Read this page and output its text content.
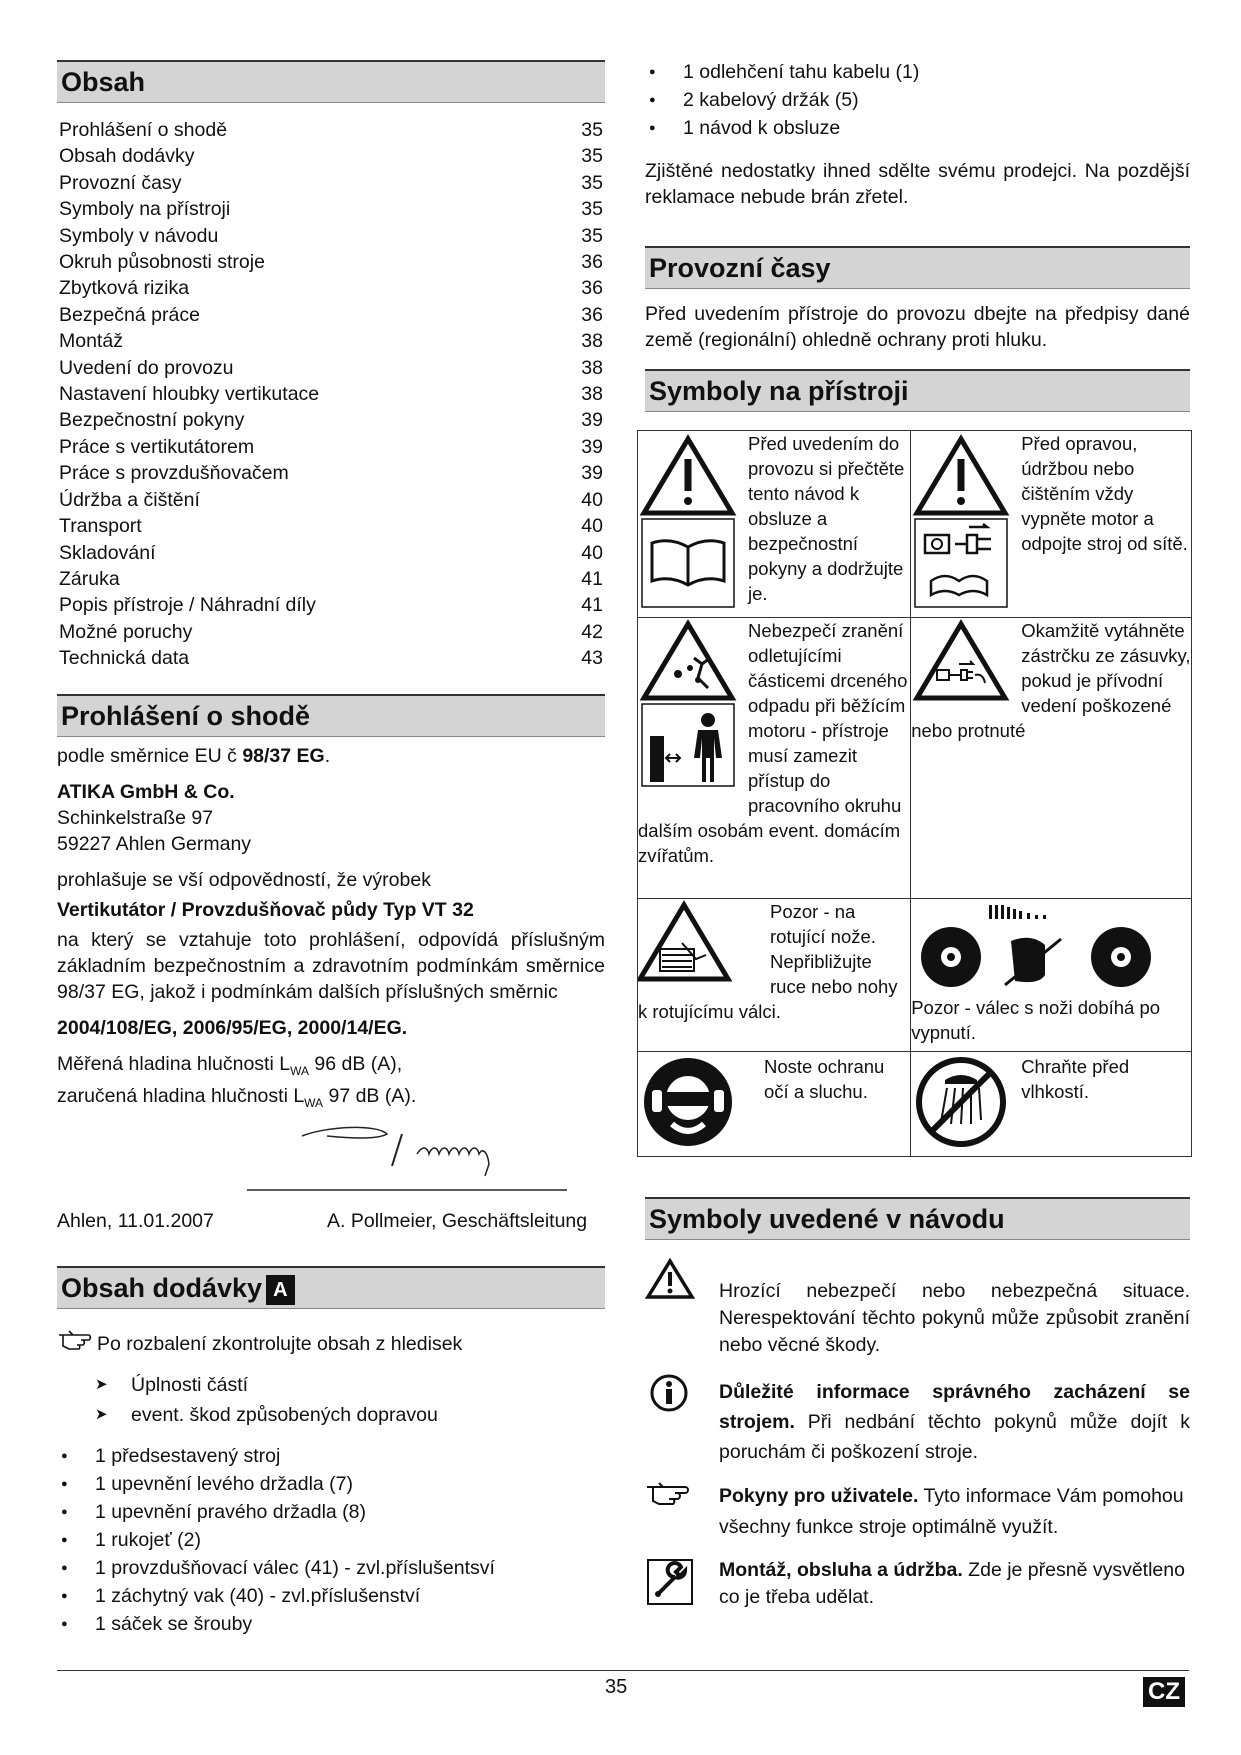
Obsah
Prohlášení o shodě	35
Obsah dodávky	35
Provozní časy	35
Symboly na přístroji	35
Symboly v návodu	35
Okruh působnosti stroje	36
Zbytková rizika	36
Bezpečná práce	36
Montáž	38
Uvedení do provozu	38
Nastavení hloubky vertikutace	38
Bezpečnostní pokyny	39
Práce s vertikutátorem	39
Práce s provzdušňovačem	39
Údržba a čištění	40
Transport	40
Skladování	40
Záruka	41
Popis přístroje / Náhradní díly	41
Možné poruchy	42
Technická data	43
Prohlášení o shodě
podle směrnice EU č 98/37 EG.
ATIKA GmbH & Co.
Schinkelstraße 97
59227 Ahlen Germany
prohlašuje se vší odpovědností, že výrobek
Vertikutátor / Provzdušňovač půdy Typ VT 32
na který se vztahuje toto prohlášení, odpovídá příslušným základním bezpečnostním a zdravotním podmínkám směrnice 98/37 EG, jakož i podmínkám dalších příslušných směrnic
2004/108/EG, 2006/95/EG, 2000/14/EG.
Měřená hladina hlučnosti $L_{WA}$ 96 dB (A),
zaručená hladina hlučnosti $L_{WA}$ 97 dB (A).
Ahlen, 11.01.2007	A. Pollmeier, Geschäftsleitung
Obsah dodávky A
Po rozbalení zkontrolujte obsah z hledisek
➤ Úplnosti částí
➤ event. škod způsobených dopravou
● 1 předsestavený stroj
● 1 upevnění levého držadla (7)
● 1 upevnění pravého držadla (8)
● 1 rukojeť (2)
● 1 provzdušňovací válec (41) - zvl.příslušentsví
● 1 záchytný vak (40) - zvl.příslušenství
● 1 sáček se šrouby
● 1 odlehčení tahu kabelu (1)
● 2 kabelový držák (5)
● 1 návod k obsluze
Zjištěné nedostatky ihned sdělte svému prodejci. Na pozdější reklamace nebude brán zřetel.
Provozní časy
Před uvedením přístroje do provozu dbejte na předpisy dané země (regionální) ohledně ochrany proti hluku.
Symboly na přístroji
Před uvedením do provozu si přečtěte tento návod k obsluze a bezpečnostní pokyny a dodržujte je.	Před opravou, údržbou nebo čištěním vždy vypněte motor a odpojte stroj od sítě.

Nebezpečí zranění odletujícími částicemi drceného odpadu při běžícím motoru - přístroje musí zamezit přístup do pracovního okruhu dalším osobám event. domácím zvířatům.	Okamžitě vytáhněte zástrčku ze zásuvky, pokud je přívodní vedení poškozené nebo protnuté

Pozor - na rotující nože. Nepřibližujte ruce nebo nohy k rotujícímu válci.	Pozor - válec s noži dobíhá po vypnutí.

Noste ochranu očí a sluchu.	Chraňte před vlhkostí.
Symboly uvedené v návodu
Hrozící nebezpečí nebo nebezpečná situace. Nerespektování těchto pokynů může způsobit zranění nebo věcné škody.
Důležité informace správného zacházení se strojem. Při nedbání těchto pokynů může dojít k poruchám či poškození stroje.
Pokyny pro uživatele. Tyto informace Vám pomohou všechny funkce stroje optimálně využít.
Montáž, obsluha a údržba. Zde je přesně vysvětleno co je třeba udělat.
35	CZ
